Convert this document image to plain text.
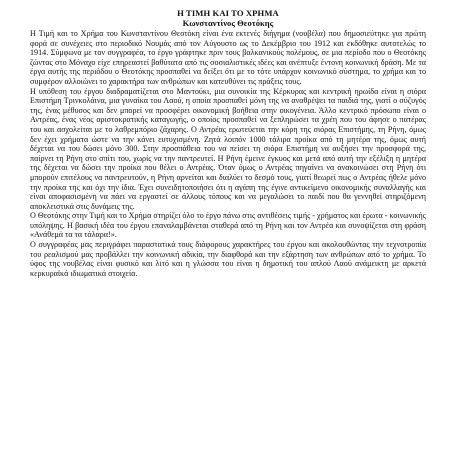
Η ΤΙΜΗ ΚΑΙ ΤΟ ΧΡΗΜΑ
Κωνσταντίνος Θεοτόκης

Η Τιμή και το Χρήμα του Κωνσταντίνου Θεοτόκη είναι ένα εκτενές διήγημα (νουβέλα) που δημοσιεύτηκε για πρώτη φορά σε συνέχειες στο περιοδικό Νουμάς από τον Αύγουστο ως το Δεκέμβριο του 1912 και εκδόθηκε αυτοτελώς το 1914. Σύμφωνα με τον συγγραφέα, το έργο γράφτηκε πριν τους βαλκανικούς πολέμους, σε μια περίοδο που ο Θεοτόκης ζώντας στο Μόναχο είχε επηρεαστεί βαθύτατα από τις σοσιαλιστικές ιδέες και ανέπτυξε έντονη κοινωνική δράση. Με τα έργα αυτής της περιόδου ο Θεοτόκης προσπαθεί να δείξει ότι με το τότε υπάρχον κοινωνικό σύστημα, το χρήμα και το συμφέρον αλλοιώνει το χαρακτήρα των ανθρώπων και κατευθύνει τις πράξεις τους.

Η υπόθεση του έργου διαδραματίζεται στο Μαντούκι, μια συνοικία της Κέρκυρας και κεντρική ηρωίδα είναι η σιόρα Επιστήμη Τρινκολάινα, μια γυναίκα του Λαού, η οποία προσπαθεί μόνη της να αναθρέψει τα παιδιά της, γιατί ο σύζυγός της, ένας μέθυσος και δεν μπορεί να προσφέρει οικονομική βοήθεια στην οικογένεια. Άλλο κεντρικό πρόσωπο είναι ο Αντρέας, ένας νέος αριστοκρατικής καταγωγής, ο οποίος προσπαθεί να ξεπληρώσει τα χρέη που του άφησε ο πατέρας του και ασχολείται με το λαθρεμπόριο ζάχαρης. Ο Αντρέας ερωτεύεται την κόρη της σιόρας Επιστήμης, τη Ρήνη, όμως δεν έχει χρήματα ώστε να την κάνει ευτυχισμένη. Ζητά λοιπόν 1000 τάλιρα προίκα από τη μητέρα της, όμως αυτή δέχεται να του δώσει μόνο 300. Στην προσπάθεια του να πείσει τη σιόρα Επιστήμη να αυξήσει την προσφορά της, παίρνει τη Ρήνη στο σπίτι του, χωρίς να την παντρευτεί. Η Ρήνη έμεινε έγκυος και μετά από αυτή την εξέλιξη η μητέρα της δέχεται να δώσει την προίκα που θέλει ο Αντρέας. Όταν όμως ο Αντρέας πηγαίνει να ανακοινώσει στη Ρήνη ότι μπορούν επιτέλους να παντρευτούν, η Ρήνη αρνείται και διαλύει το δεσμό τους, γιατί θεωρεί πως ο Αντρέας ήθελε μόνο την προίκα της και όχι την ίδια. Έχει συνειδητοποιήσει ότι η αγάπη της έγινε αντικείμενο οικονομικής συναλλαγής και είναι αποφασισμένη να πάει να εργαστεί σε άλλους τόπους και να μεγαλώσει το παιδί που θα γεννηθεί στηριζόμενη αποκλειστικά στις δυνάμεις της.

Ο Θεοτόκης στην Τιμή και το Χρήμα στηρίζει όλο το έργο πάνω στις αντιθέσεις τιμής - χρήματος και έρωτα - κοινωνικής υπόληψης. Η βασική ιδέα του έργου επαναλαμβάνεται σταθερά από τη Ρήνη και τον Αντρέα και συνοψίζεται στη φράση «Ανάθεμά τα τα τάλαρα!».

Ο συγγραφέας μας περιγράφει παραστατικά τους διάφορους χαρακτήρες του έργου και ακολουθώντας την τεχνοτροπία του ρεαλισμού μας προβάλλει την κοινωνική αδικία, την διαφθορά και την εξάρτηση των ανθρώπων από το χρήμα. Το ύφος της νουβέλας είναι φυσικό και λιτό και η γλώσσα του είναι η δημοτική του απλού Λαού ανάμεικτη με αρκετά κερκυραϊκά ιδιωματικά στοιχεία.
